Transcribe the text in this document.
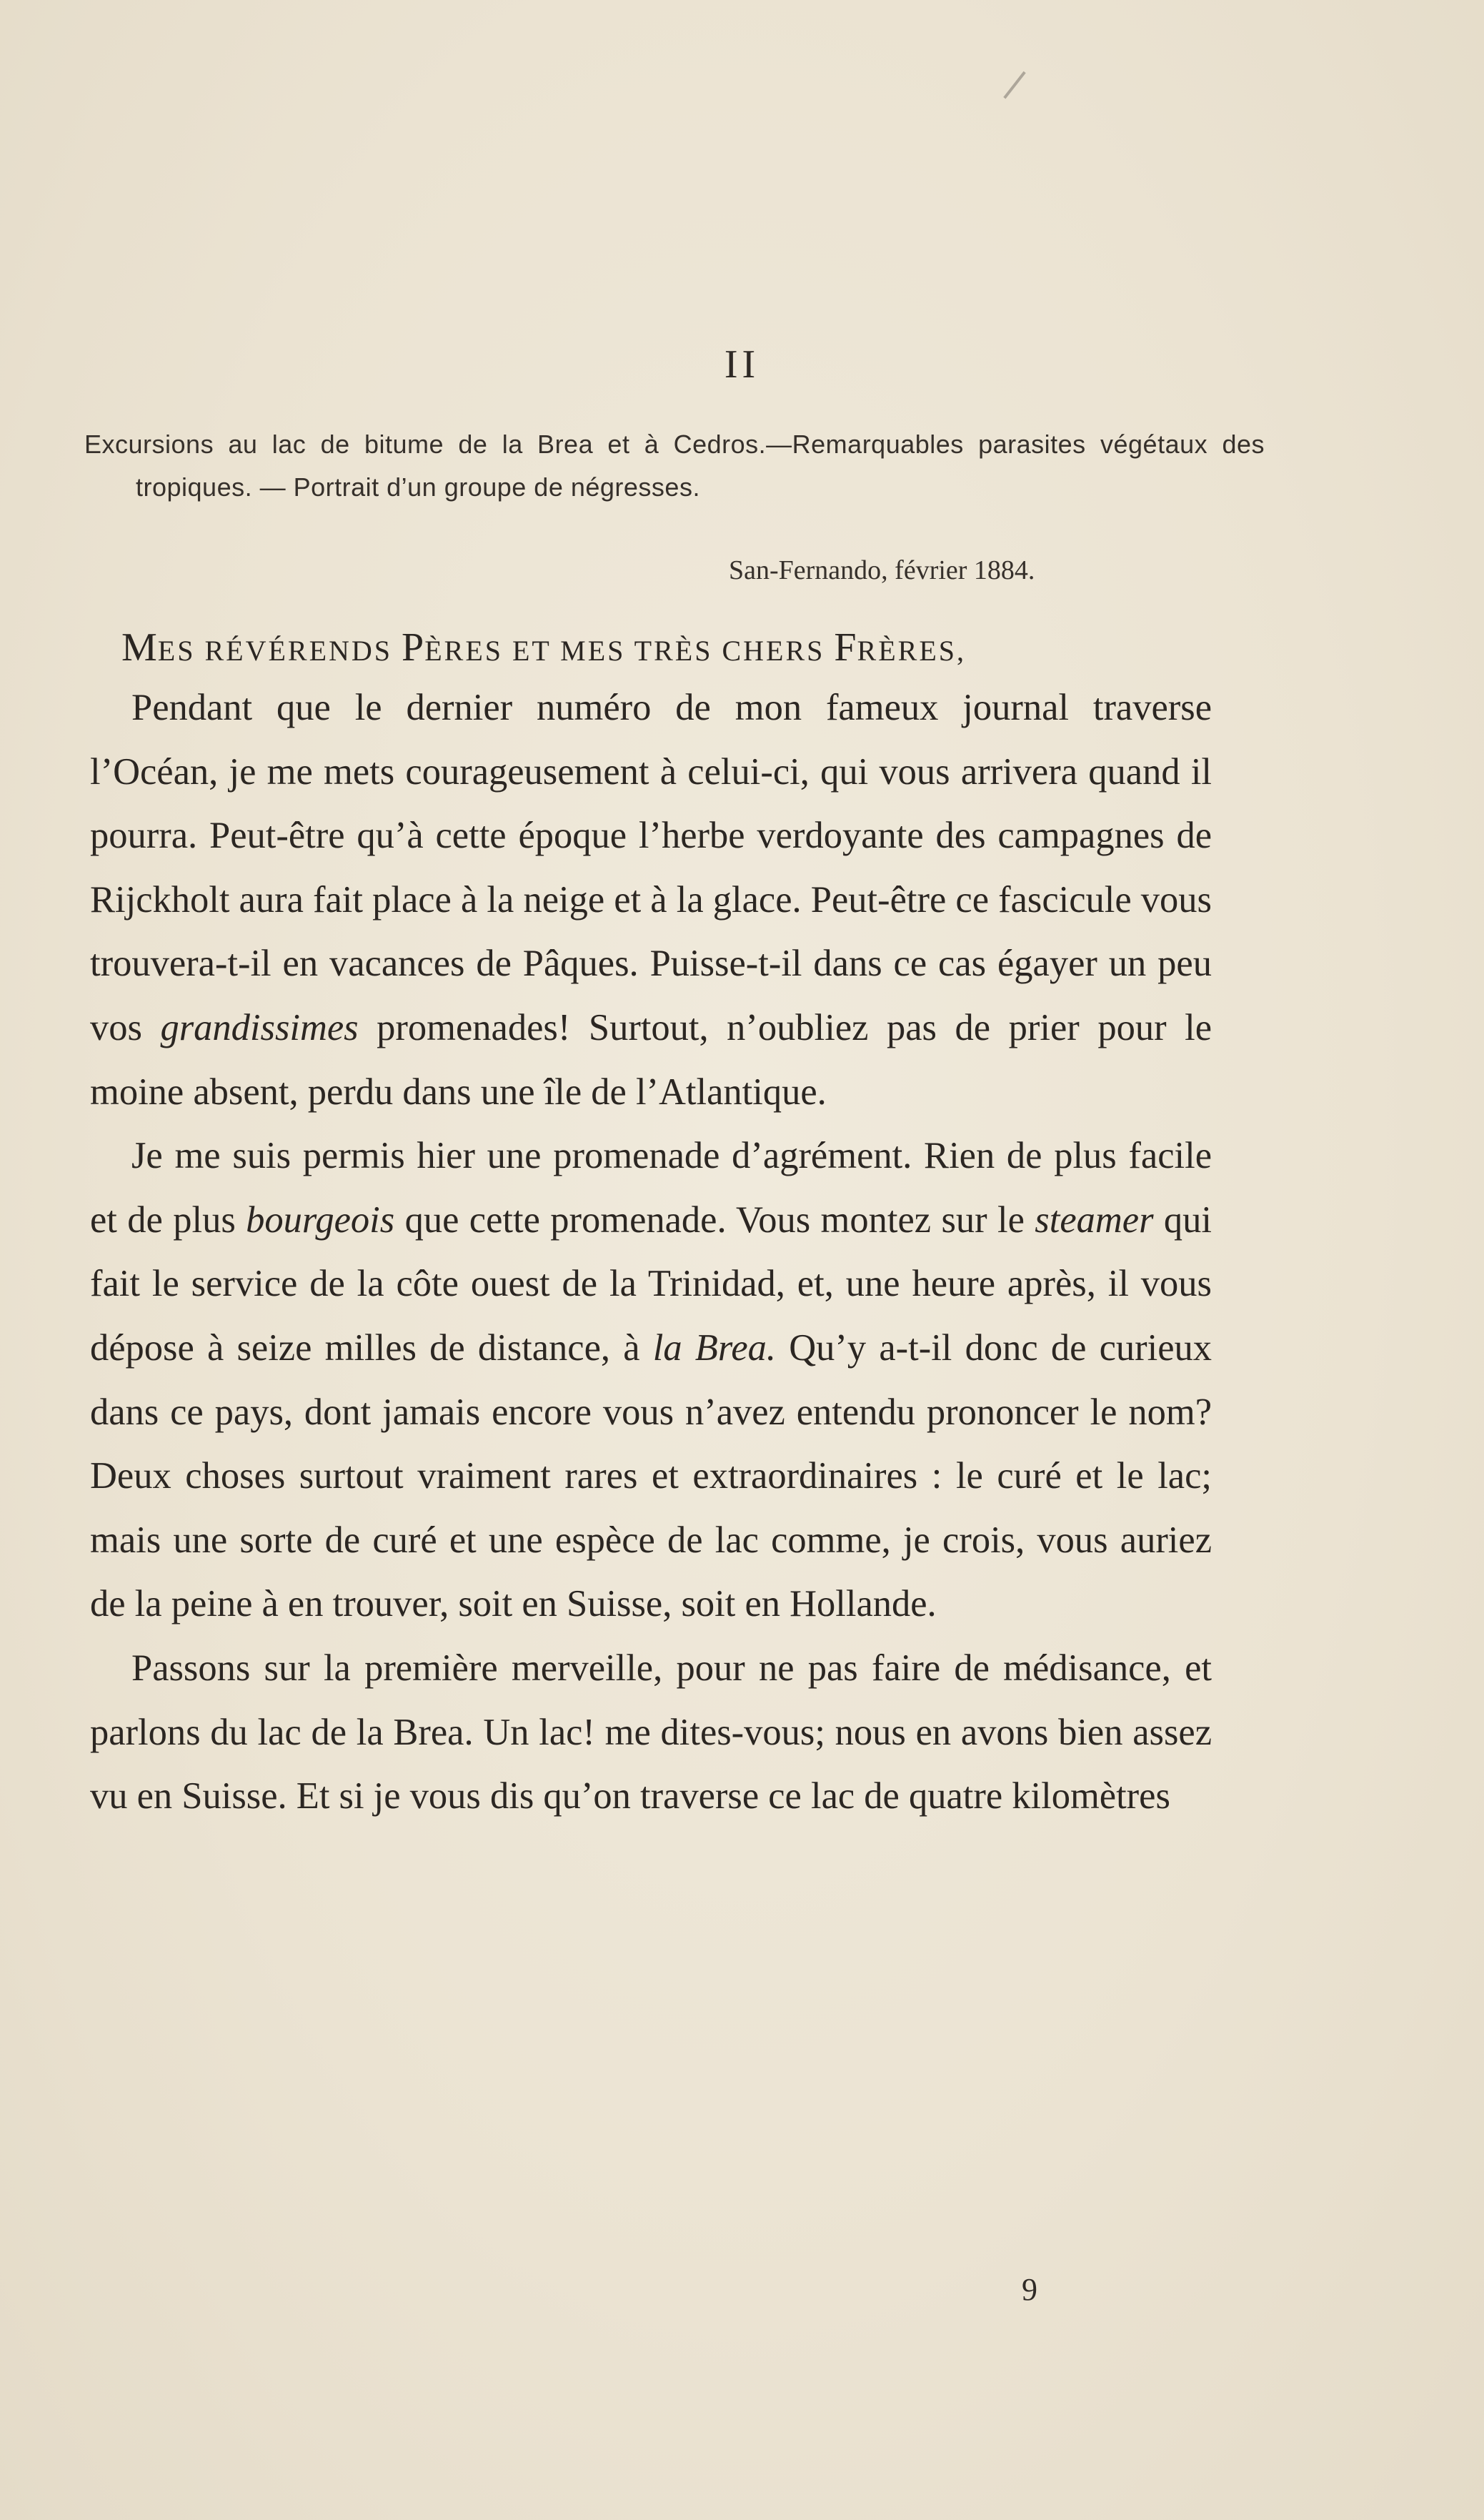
II
Excursions au lac de bitume de la Brea et à Cedros.—Remarquables parasites végétaux des tropiques. — Portrait d’un groupe de négresses.
San-Fernando, février 1884.
MES RÉVÉRENDS PÈRES ET MES TRÈS CHERS FRÈRES,

Pendant que le dernier numéro de mon fameux journal traverse l’Océan, je me mets courageusement à celui-ci, qui vous arrivera quand il pourra. Peut-être qu’à cette époque l’herbe verdoyante des campagnes de Rijckholt aura fait place à la neige et à la glace. Peut-être ce fascicule vous trouvera-t-il en vacances de Pâques. Puisse-t-il dans ce cas égayer un peu vos grandissimes promenades! Surtout, n’oubliez pas de prier pour le moine absent, perdu dans une île de l’Atlantique.

Je me suis permis hier une promenade d’agrément. Rien de plus facile et de plus bourgeois que cette promenade. Vous montez sur le steamer qui fait le service de la côte ouest de la Trinidad, et, une heure après, il vous dépose à seize milles de distance, à la Brea. Qu’y a-t-il donc de curieux dans ce pays, dont jamais encore vous n’avez entendu prononcer le nom? Deux choses surtout vraiment rares et extraordinaires : le curé et le lac; mais une sorte de curé et une espèce de lac comme, je crois, vous auriez de la peine à en trouver, soit en Suisse, soit en Hollande.

Passons sur la première merveille, pour ne pas faire de médisance, et parlons du lac de la Brea. Un lac! me dites-vous; nous en avons bien assez vu en Suisse. Et si je vous dis qu’on traverse ce lac de quatre kilomètres

9
